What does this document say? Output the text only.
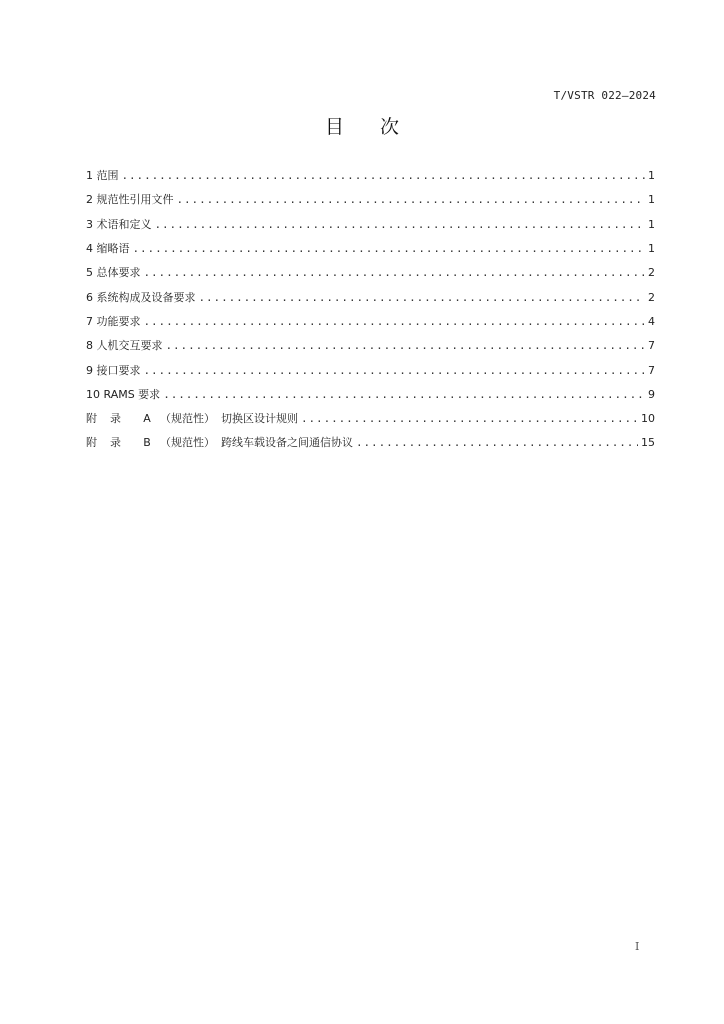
T/VSTR 022—2024
目 次
1 范围 .....	1
2 规范性引用文件 .....	1
3 术语和定义 .....	1
4 缩略语 .....	1
5 总体要求 .....	2
6 系统构成及设备要求 .....	2
7 功能要求 .....	4
8 人机交互要求 .....	7
9 接口要求 .....	7
10 RAMS 要求 .....	9
附 录 A （规范性） 切换区设计规则 .....	10
附 录 B （规范性） 跨线车载设备之间通信协议 .....	15
I
